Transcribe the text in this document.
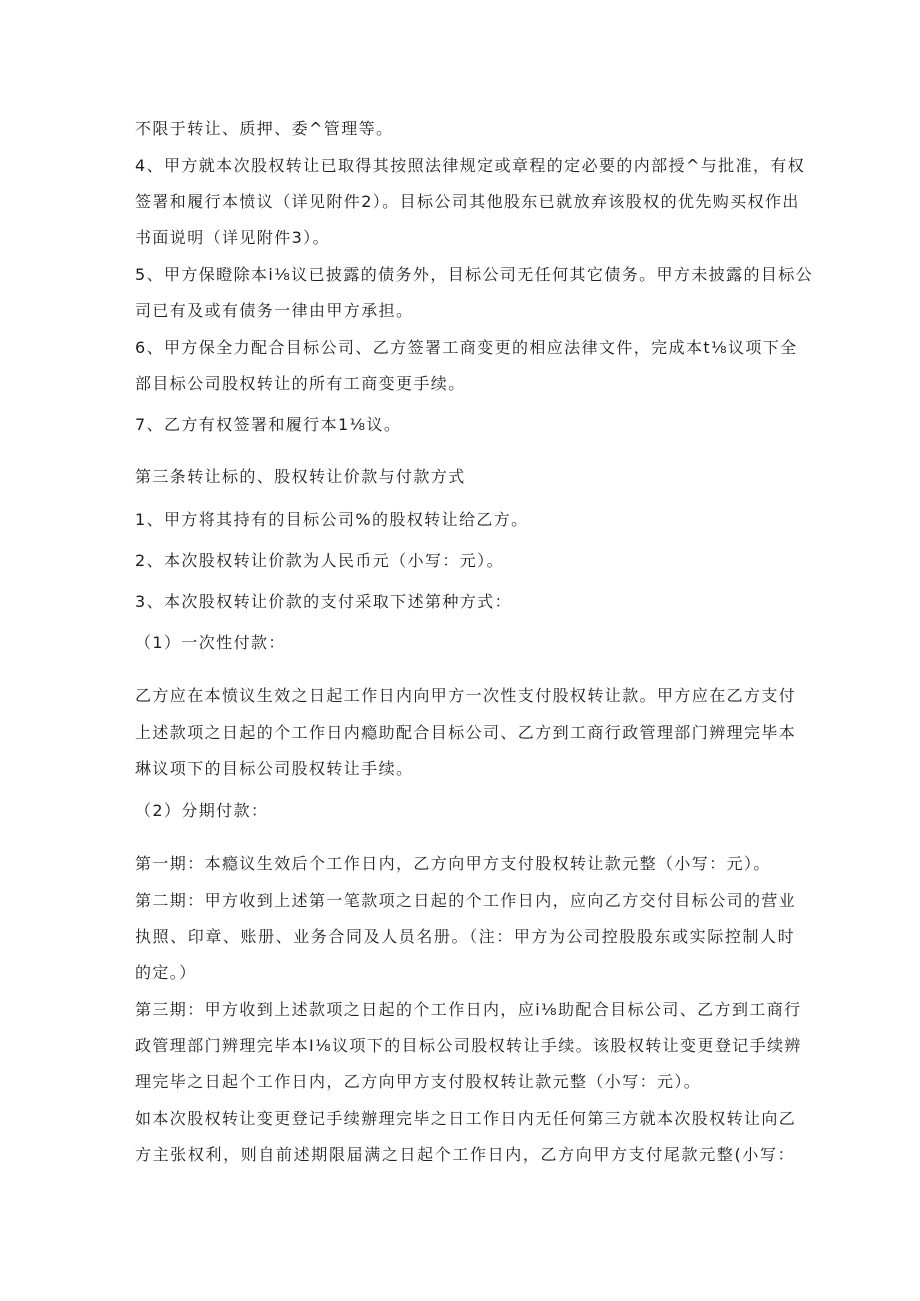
不限于转让、质押、委^管理等。
4、甲方就本次股权转让已取得其按照法律规定或章程的定必要的内部授^与批准，有权
签署和履行本愤议（详见附件2）。目标公司其他股东已就放弃该股权的优先购买权作出
书面说明（详见附件3）。
5、甲方保瞪除本i⅛议已披露的债务外，目标公司无任何其它债务。甲方未披露的目标公
司已有及或有债务一律由甲方承担。
6、甲方保全力配合目标公司、乙方签署工商变更的相应法律文件，完成本t⅛议项下全
部目标公司股权转让的所有工商变更手续。
7、乙方有权签署和履行本1⅛议。
第三条转让标的、股权转让价款与付款方式
1、甲方将其持有的目标公司%的股权转让给乙方。
2、本次股权转让价款为人民币元（小写：元）。
3、本次股权转让价款的支付采取下述第种方式：
（1）一次性付款：
乙方应在本愤议生效之日起工作日内向甲方一次性支付股权转让款。甲方应在乙方支付
上述款项之日起的个工作日内瘾助配合目标公司、乙方到工商行政管理部门辨理完毕本
琳议项下的目标公司股权转让手续。
（2）分期付款：
第一期：本瘾议生效后个工作日内，乙方向甲方支付股权转让款元整（小写：元）。
第二期：甲方收到上述第一笔款项之日起的个工作日内，应向乙方交付目标公司的营业
执照、印章、账册、业务合同及人员名册。（注：甲方为公司控股股东或实际控制人时
的定。）
第三期：甲方收到上述款项之日起的个工作日内，应i⅛助配合目标公司、乙方到工商行
政管理部门辨理完毕本I⅛议项下的目标公司股权转让手续。该股权转让变更登记手续辨
理完毕之日起个工作日内，乙方向甲方支付股权转让款元整（小写：元）。
如本次股权转让变更登记手续辦理完毕之日工作日内无任何第三方就本次股权转让向乙
方主张权利，则自前述期限届满之日起个工作日内，乙方向甲方支付尾款元整(小写：
